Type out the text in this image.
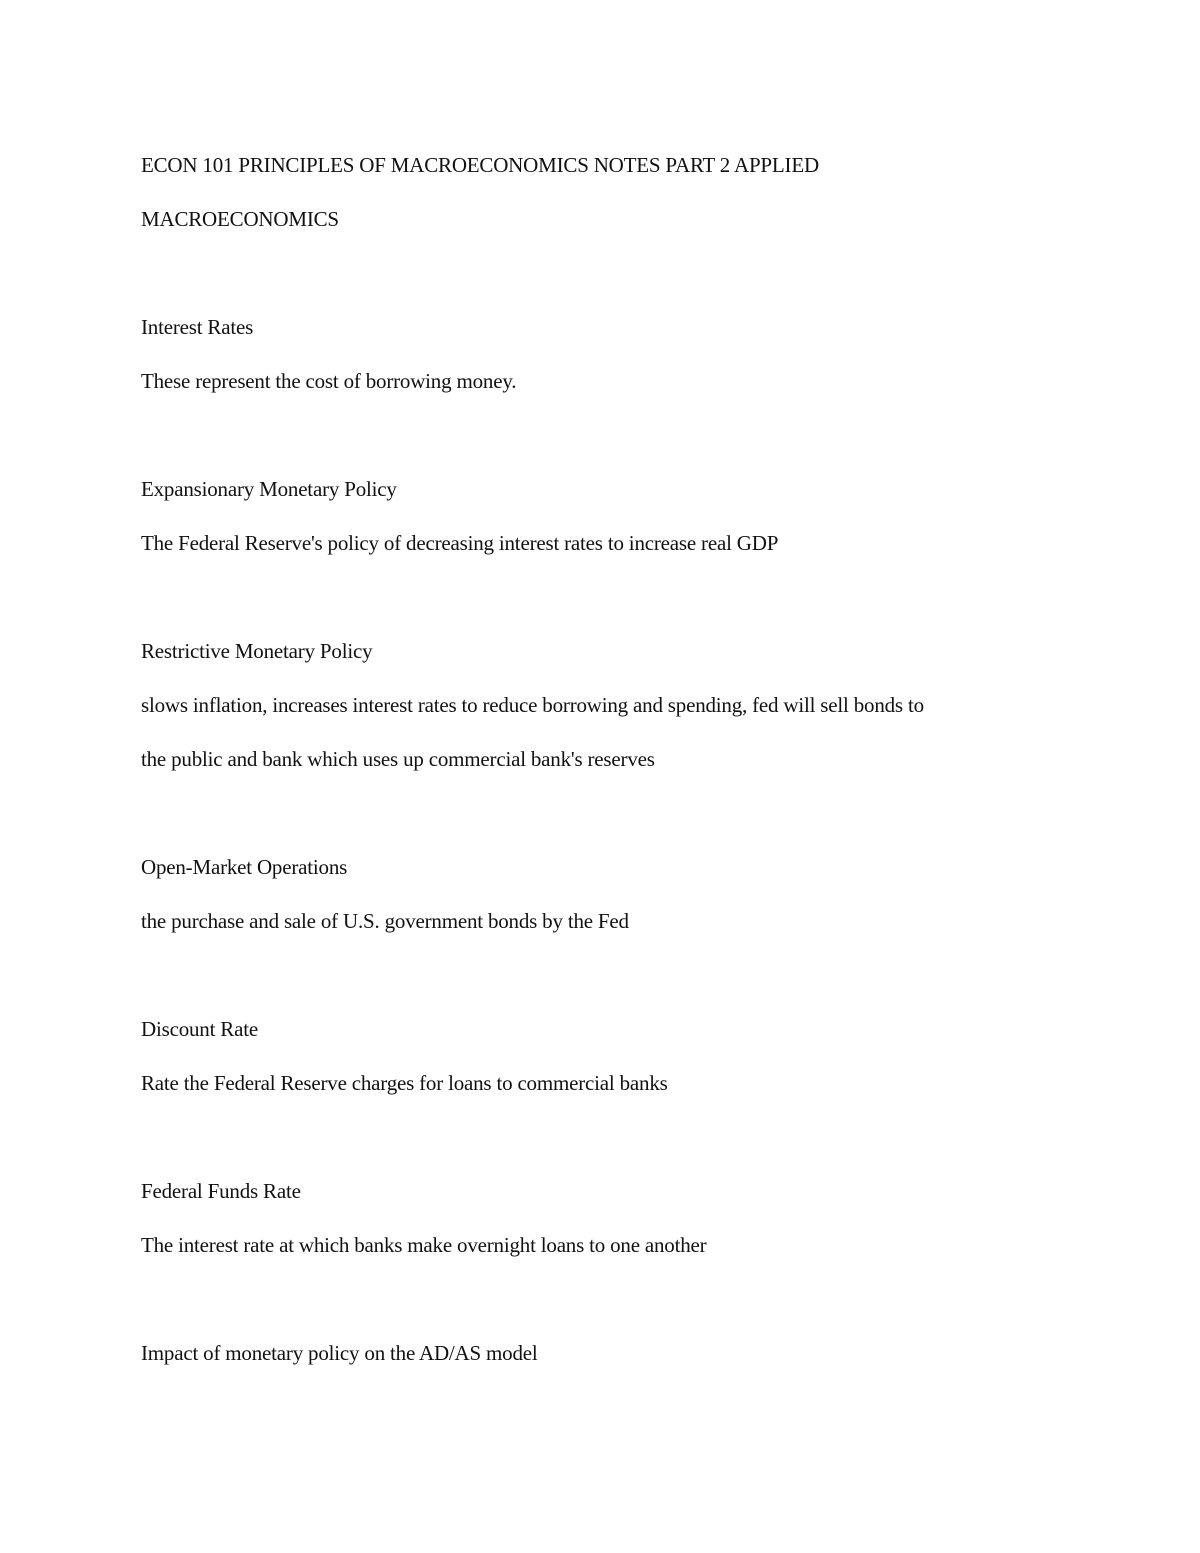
ECON 101 PRINCIPLES OF MACROECONOMICS NOTES PART 2 APPLIED
MACROECONOMICS
Interest Rates
These represent the cost of borrowing money.
Expansionary Monetary Policy
The Federal Reserve's policy of decreasing interest rates to increase real GDP
Restrictive Monetary Policy
slows inflation, increases interest rates to reduce borrowing and spending, fed will sell bonds to
the public and bank which uses up commercial bank's reserves
Open-Market Operations
the purchase and sale of U.S. government bonds by the Fed
Discount Rate
Rate the Federal Reserve charges for loans to commercial banks
Federal Funds Rate
The interest rate at which banks make overnight loans to one another
Impact of monetary policy on the AD/AS model
